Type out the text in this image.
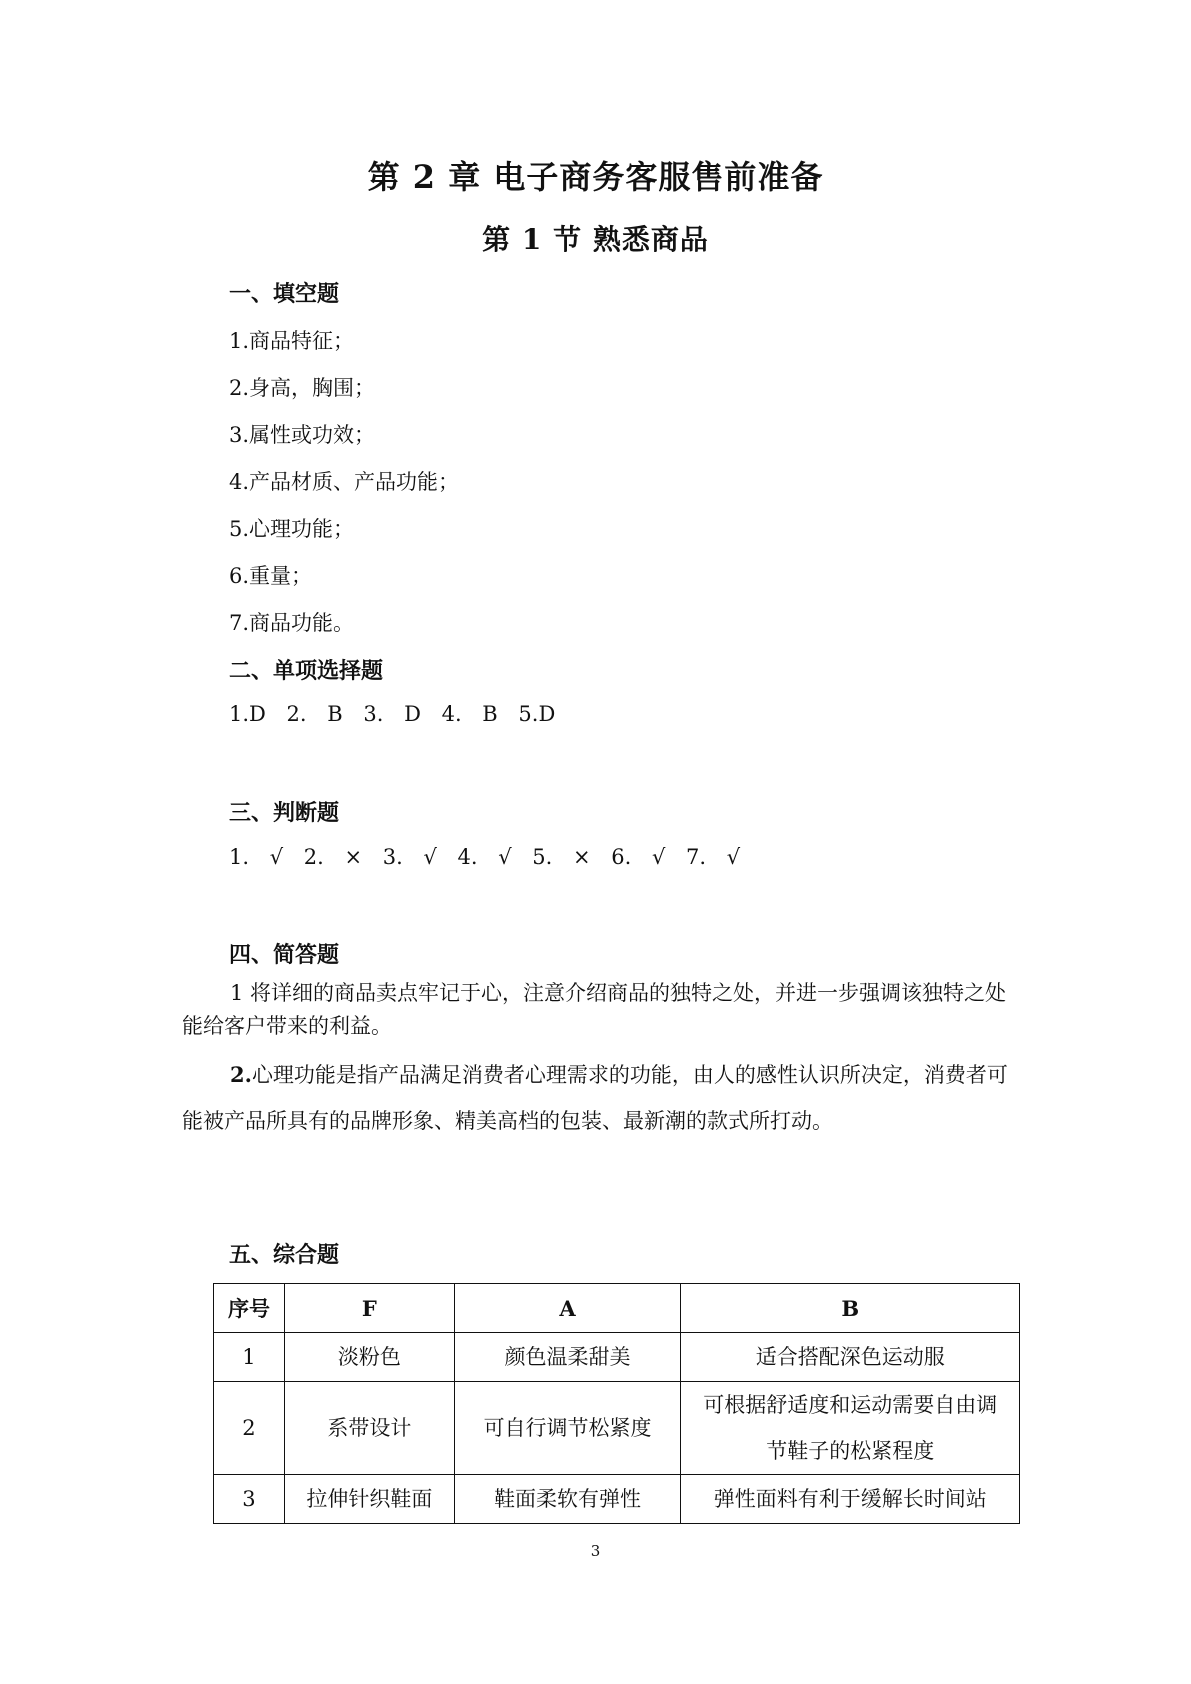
第 2 章 电子商务客服售前准备
第 1 节 熟悉商品
一、填空题
1.商品特征；
2.身高，胸围；
3.属性或功效；
4.产品材质、产品功能；
5.心理功能；
6.重量；
7.商品功能。
二、单项选择题
1.D 2. B 3. D 4. B 5.D
三、判断题
1. √ 2. × 3. √ 4. √ 5. × 6. √ 7. √
四、简答题
1 将详细的商品卖点牢记于心，注意介绍商品的独特之处，并进一步强调该独特之处能给客户带来的利益。
2.心理功能是指产品满足消费者心理需求的功能，由人的感性认识所决定，消费者可能被产品所具有的品牌形象、精美高档的包装、最新潮的款式所打动。
五、综合题
序号	F	A	B
1	淡粉色	颜色温柔甜美	适合搭配深色运动服
2	系带设计	可自行调节松紧度	可根据舒适度和运动需要自由调节鞋子的松紧程度
3	拉伸针织鞋面	鞋面柔软有弹性	弹性面料有利于缓解长时间站
3
